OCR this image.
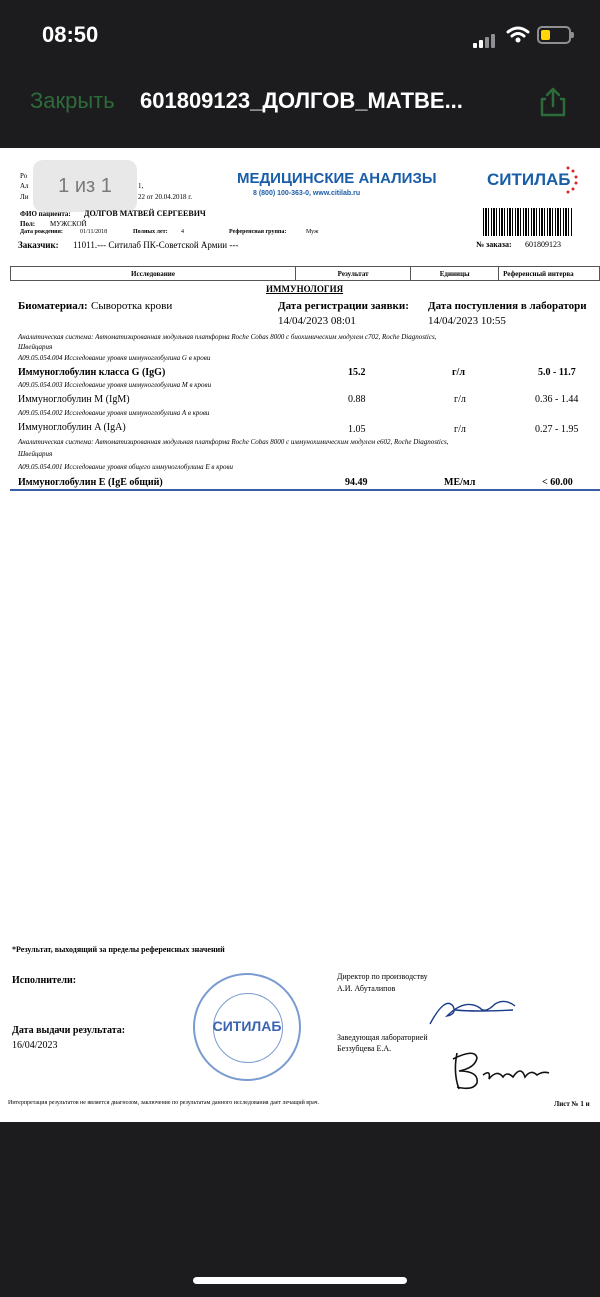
08:50
Закрыть 601809123_ДОЛГОВ_МАТВЕ...
Ро
Ал
Ли
1,
22 от 20.04.2018 г.
МЕДИЦИНСКИЕ АНАЛИЗЫ
8 (800) 100-363-0, www.citilab.ru
СИТИЛАБ
1 из 1
ФИО пациента: ДОЛГОВ МАТВЕЙ СЕРГЕЕВИЧ
Пол: МУЖСКОЙ
Дата рождения:	01/11/2018	Полных лет: 4	Референсная группа:	Муж
Заказчик: 11011.--- Ситилаб ПК-Советской Армии ---	№ заказа: 601809123
Исследование	Результат	Единицы	Референсный интерва
ИММУНОЛОГИЯ
Биоматериал: Сыворотка крови	Дата регистрации заявки:
14/04/2023 08:01
Дата поступления в лаборатори
14/04/2023 10:55
Аналитическая система: Автоматизированная модульная платформа Roche Cobas 8000 с биохимическим модулем с702, Roche Diagnostics,
Швейцария
A09.05.054.004 Исследование уровня иммуноглобулина G в крови
Иммуноглобулин класса G (IgG)	15.2	г/л	5.0 - 11.7
A09.05.054.003 Исследование уровня иммуноглобулина M в крови
Иммуноглобулин M (IgM)	0.88	г/л	0.36 - 1.44
A09.05.054.002 Исследование уровня иммуноглобулина A в крови
Иммуноглобулин A (IgA)	1.05	г/л	0.27 - 1.95
Аналитическая система: Автоматизированная модульная платформа Roche Cobas 8000 с иммунохимическим модулем е602, Roche Diagnostics,
Швейцария
A09.05.054.001 Исследование уровня общего иммуноглобулина E в крови
Иммуноглобулин E (IgE общий)	94.49	МЕ/мл	< 60.00
*Результат, выходящий за пределы референсных значений
Исполнители:	Директор по производству
А.И. Абуталипов
Дата выдачи результата:
16/04/2023
Заведующая лабораторией
Беззубцева Е.А.
СИТИЛАБ
Интерпретация результатов не является диагнозом, заключение по результатам данного исследования дает лечащий врач.	Лист № 1 и
